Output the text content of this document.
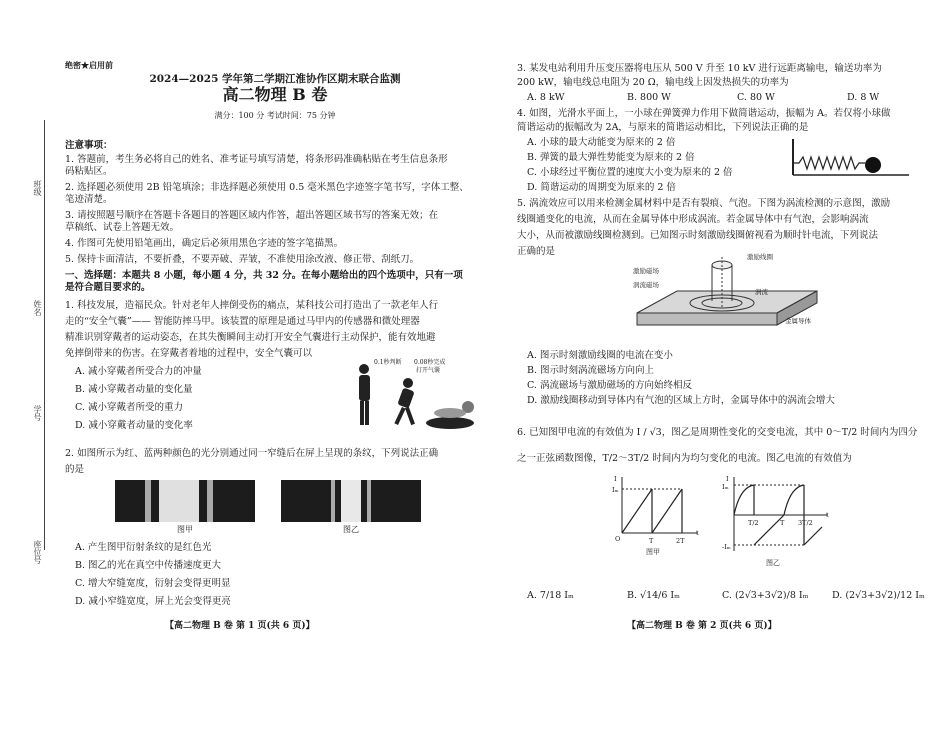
班级
姓名
学号
座位号
绝密★启用前
2024—2025 学年第二学期江淮协作区期末联合监测
高二物理 B 卷
满分：100 分 考试时间：75 分钟
注意事项：
1. 答题前，考生务必将自己的姓名、准考证号填写清楚，将条形码准确粘贴在考生信息条形
码粘贴区。
2. 选择题必须使用 2B 铅笔填涂；非选择题必须使用 0.5 毫米黑色字迹签字笔书写，字体工整、
笔迹清楚。
3. 请按照题号顺序在答题卡各题目的答题区域内作答，超出答题区域书写的答案无效；在
草稿纸、试卷上答题无效。
4. 作图可先使用铅笔画出，确定后必须用黑色字迹的签字笔描黑。
5. 保持卡面清洁，不要折叠，不要弄破、弄皱，不准使用涂改液、修正带、刮纸刀。
一、选择题：本题共 8 小题，每小题 4 分，共 32 分。在每小题给出的四个选项中，只有一项
是符合题目要求的。
1. 科技发展，造福民众。针对老年人摔倒受伤的痛点，某科技公司打造出了一款老年人行
走的“安全气囊”—— 智能防摔马甲。该装置的原理是通过马甲内的传感器和微处理器
精准识别穿戴者的运动姿态，在其失衡瞬间主动打开安全气囊进行主动保护，能有效地避
免摔倒带来的伤害。在穿戴者着地的过程中，安全气囊可以
A. 减小穿戴者所受合力的冲量
B. 减小穿戴者动量的变化量
C. 减小穿戴者所受的重力
D. 减小穿戴者动量的变化率
0.1秒判断 0.08秒完成
打开气囊
2. 如图所示为红、蓝两种颜色的光分别通过同一窄缝后在屏上呈现的条纹，下列说法正确
的是
图甲	图乙
A. 产生图甲衍射条纹的是红色光
B. 图乙的光在真空中传播速度更大
C. 增大窄缝宽度，衍射会变得更明显
D. 减小窄缝宽度，屏上光会变得更亮
【高二物理 B 卷 第 1 页(共 6 页)】
3. 某发电站利用升压变压器将电压从 500 V 升至 10 kV 进行远距离输电，输送功率为
200 kW，输电线总电阻为 20 Ω，输电线上因发热损失的功率为
A. 8 kW	B. 800 W	C. 80 W	D. 8 W
4. 如图，光滑水平面上，一小球在弹簧弹力作用下做简谐运动，振幅为 A。若仅将小球做
简谐运动的振幅改为 2A，与原来的简谐运动相比，下列说法正确的是
A. 小球的最大动能变为原来的 2 倍
B. 弹簧的最大弹性势能变为原来的 2 倍
C. 小球经过平衡位置的速度大小变为原来的 2 倍
D. 简谐运动的周期变为原来的 2 倍
5. 涡流效应可以用来检测金属材料中是否有裂痕、气泡。下图为涡流检测的示意图，激励
线圈通变化的电流，从而在金属导体中形成涡流。若金属导体中有气泡，会影响涡流
大小，从而被激励线圈检测到。已知图示时刻激励线圈俯视看为顺时针电流，下列说法
正确的是	激励线圈
激励磁场
涡流磁场
涡流
金属导体
A. 图示时刻激励线圈的电流在变小
B. 图示时刻涡流磁场方向向上
C. 涡流磁场与激励磁场的方向始终相反
D. 激励线圈移动到导体内有气泡的区域上方时，金属导体中的涡流会增大
6. 已知图甲电流的有效值为 I / √3，图乙是周期性变化的交变电流，其中 0～T/2 时间内为四分
之一正弦函数图像，T/2～3T/2 时间内为均匀变化的电流。图乙电流的有效值为
I
Iₘ
O	T	2T
t
图甲
I
Iₘ
-Iₘ
T/2	T 3T/2
t
图乙
A. 7/18 Iₘ	B. √14/6 Iₘ	C. (2√3+3√2)/8 Iₘ D. (2√3+3√2)/12 Iₘ
【高二物理 B 卷 第 2 页(共 6 页)】
